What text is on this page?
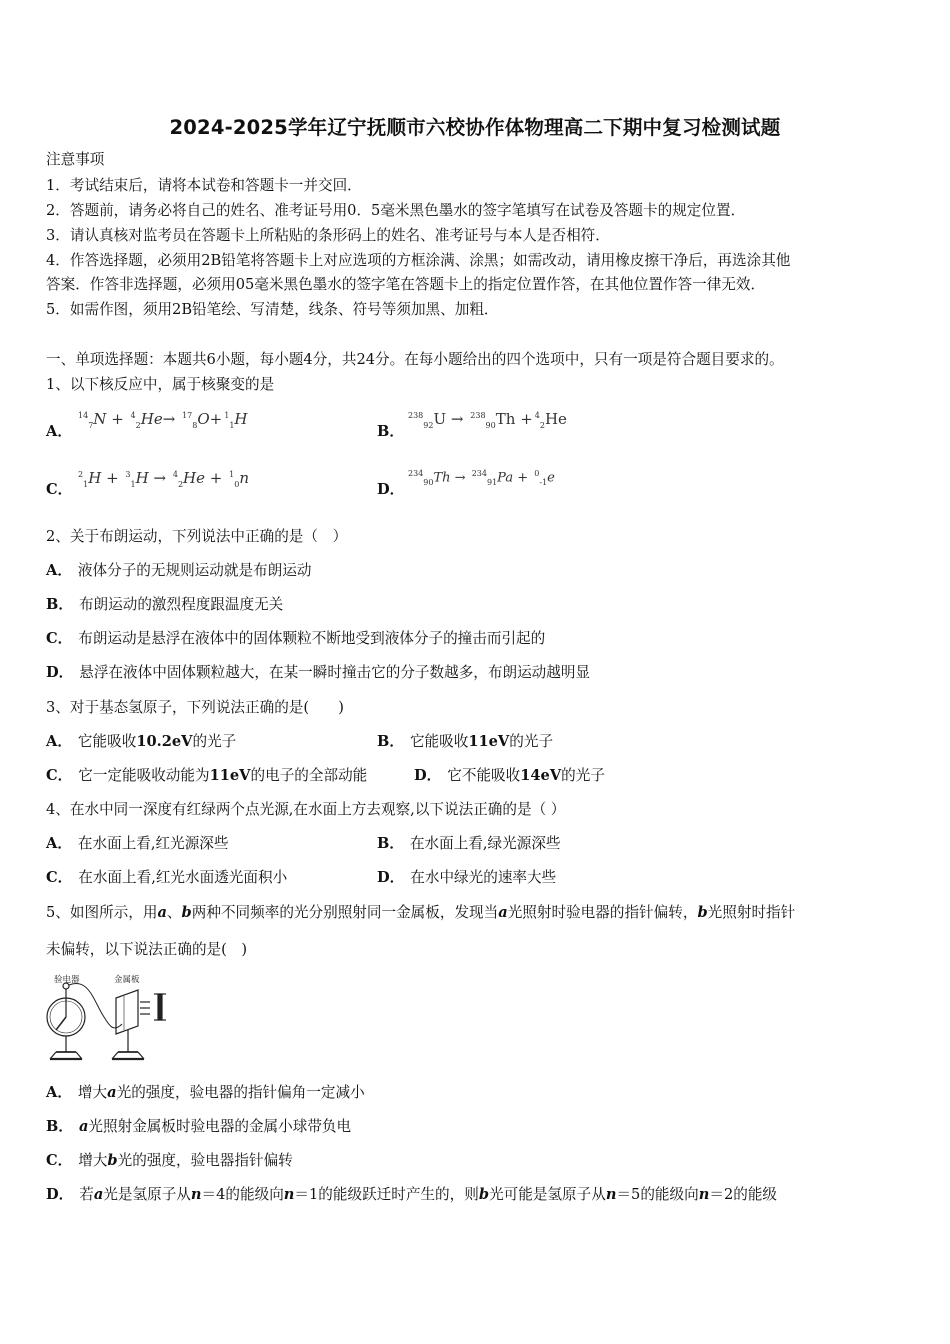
2024-2025学年辽宁抚顺市六校协作体物理高二下期中复习检测试题
注意事项
1．考试结束后，请将本试卷和答题卡一并交回．
2．答题前，请务必将自己的姓名、准考证号用0．5毫米黑色墨水的签字笔填写在试卷及答题卡的规定位置．
3．请认真核对监考员在答题卡上所粘贴的条形码上的姓名、准考证号与本人是否相符．
4．作答选择题，必须用2B铅笔将答题卡上对应选项的方框涂满、涂黑；如需改动，请用橡皮擦干净后，再选涂其他
答案．作答非选择题，必须用05毫米黑色墨水的签字笔在答题卡上的指定位置作答，在其他位置作答一律无效．
5．如需作图，须用2B铅笔绘、写清楚，线条、符号等须加黑、加粗．
一、单项选择题：本题共6小题，每小题4分，共24分。在每小题给出的四个选项中，只有一项是符合题目要求的。
1、以下核反应中，属于核聚变的是
A．
$^{14}_7$N + $^4_2$He→ $^{17}_8$O+ $^1_1$H
B．
$^{238}_{92}$U → $^{238}_{90}$Th + $^4_2$He
C．
$^2_1$H + $^3_1$H → $^4_2$He + $^1_0$n
D．
$^{234}_{90}$Th → $^{234}_{91}$Pa + $^0_{-1}$e
2、关于布朗运动，下列说法中正确的是（　）
A． 液体分子的无规则运动就是布朗运动
B． 布朗运动的激烈程度跟温度无关
C． 布朗运动是悬浮在液体中的固体颗粒不断地受到液体分子的撞击而引起的
D． 悬浮在液体中固体颗粒越大，在某一瞬时撞击它的分子数越多，布朗运动越明显
3、对于基态氢原子，下列说法正确的是(　　)
A． 它能吸收10.2eV的光子	B． 它能吸收11eV的光子
C． 它一定能吸收动能为11eV的电子的全部动能	D． 它不能吸收14eV的光子
4、在水中同一深度有红绿两个点光源,在水面上方去观察,以下说法正确的是（ ）
A． 在水面上看,红光源深些	B． 在水面上看,绿光源深些
C． 在水面上看,红光水面透光面积小	D． 在水中绿光的速率大些
5、如图所示，用a、b两种不同频率的光分别照射同一金属板，发现当a光照射时验电器的指针偏转，b光照射时指针
未偏转，以下说法正确的是(　)
验电器	金属板
A． 增大a光的强度，验电器的指针偏角一定减小
B． a光照射金属板时验电器的金属小球带负电
C． 增大b光的强度，验电器指针偏转
D． 若a光是氢原子从n＝4的能级向n＝1的能级跃迁时产生的，则b光可能是氢原子从n＝5的能级向n＝2的能级
